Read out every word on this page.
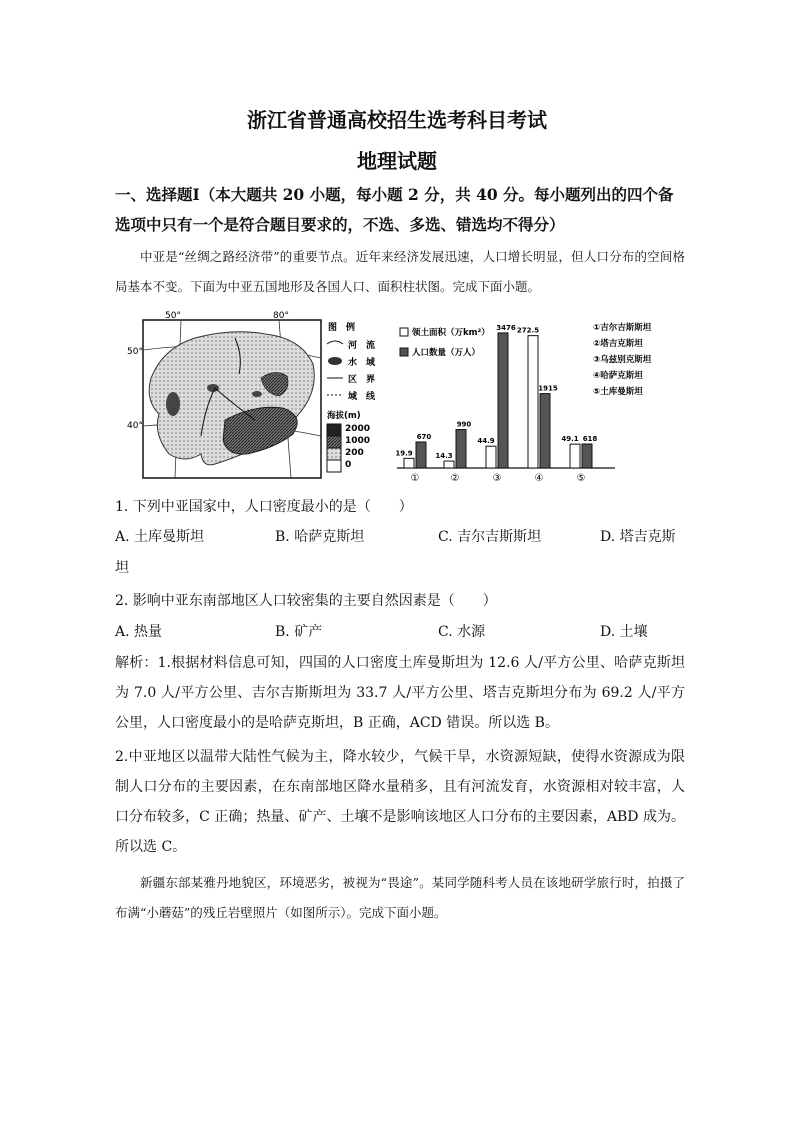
浙江省普通高校招生选考科目考试
地理试题
一、选择题Ⅰ（本大题共 20 小题，每小题 2 分，共 40 分。每小题列出的四个备选项中只有一个是符合题目要求的，不选、多选、错选均不得分）
中亚是“丝绸之路经济带”的重要节点。近年来经济发展迅速，人口增长明显，但人口分布的空间格局基本不变。下面为中亚五国地形及各国人口、面积柱状图。完成下面小题。
50°	80°
50°
40°
图　例
河　流
水　域
区　界
域　线
海拔(m)
2000
1000
200
0
领土面积（万km²）
人口数量（万人）
19.9
670
①
14.3
990
②
44.9
3476
③
272.5
1915
④
49.1 618
⑤
①吉尔吉斯斯坦
②塔吉克斯坦
③乌兹别克斯坦
④哈萨克斯坦
⑤土库曼斯坦
1. 下列中亚国家中，人口密度最小的是（　　）
A. 土库曼斯坦	B. 哈萨克斯坦	C. 吉尔吉斯斯坦	D. 塔吉克斯
坦
2. 影响中亚东南部地区人口较密集的主要自然因素是（　　）
A. 热量	B. 矿产	C. 水源	D. 土壤
解析：1.根据材料信息可知，四国的人口密度土库曼斯坦为 12.6 人/平方公里、哈萨克斯坦为 7.0 人/平方公里、吉尔吉斯斯坦为 33.7 人/平方公里、塔吉克斯坦分布为 69.2 人/平方公里，人口密度最小的是哈萨克斯坦，B 正确，ACD 错误。所以选 B。
2.中亚地区以温带大陆性气候为主，降水较少，气候干旱，水资源短缺，使得水资源成为限制人口分布的主要因素，在东南部地区降水量稍多，且有河流发育，水资源相对较丰富，人口分布较多，C 正确；热量、矿产、土壤不是影响该地区人口分布的主要因素，ABD 成为。所以选 C。
新疆东部某雅丹地貌区，环境恶劣，被视为“畏途”。某同学随科考人员在该地研学旅行时，拍摄了布满“小蘑菇”的残丘岩壁照片（如图所示）。完成下面小题。
